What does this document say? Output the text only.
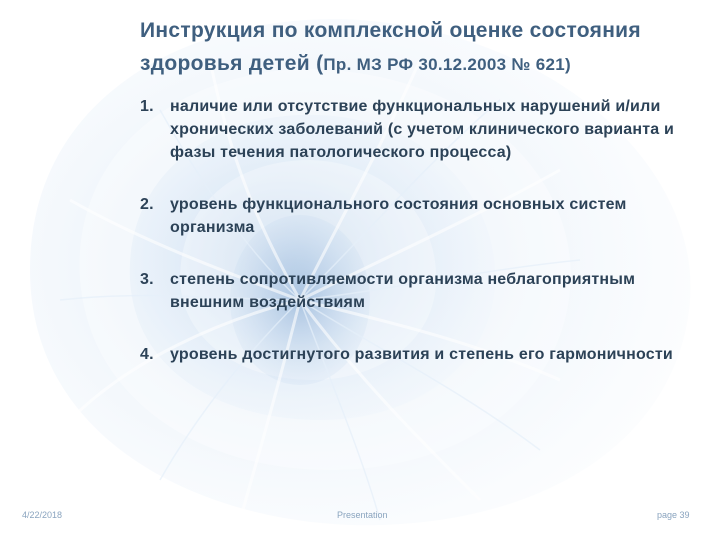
Инструкция по комплексной оценке состояния здоровья детей (Пр. МЗ РФ 30.12.2003 № 621)
1. наличие или отсутствие функциональных нарушений и/или хронических заболеваний (с учетом клинического варианта и фазы течения патологического процесса)
2. уровень функционального состояния основных систем организма
3. степень сопротивляемости организма неблагоприятным внешним воздействиям
4. уровень достигнутого развития и степень его гармоничности
4/22/2018	Presentation	page 39
